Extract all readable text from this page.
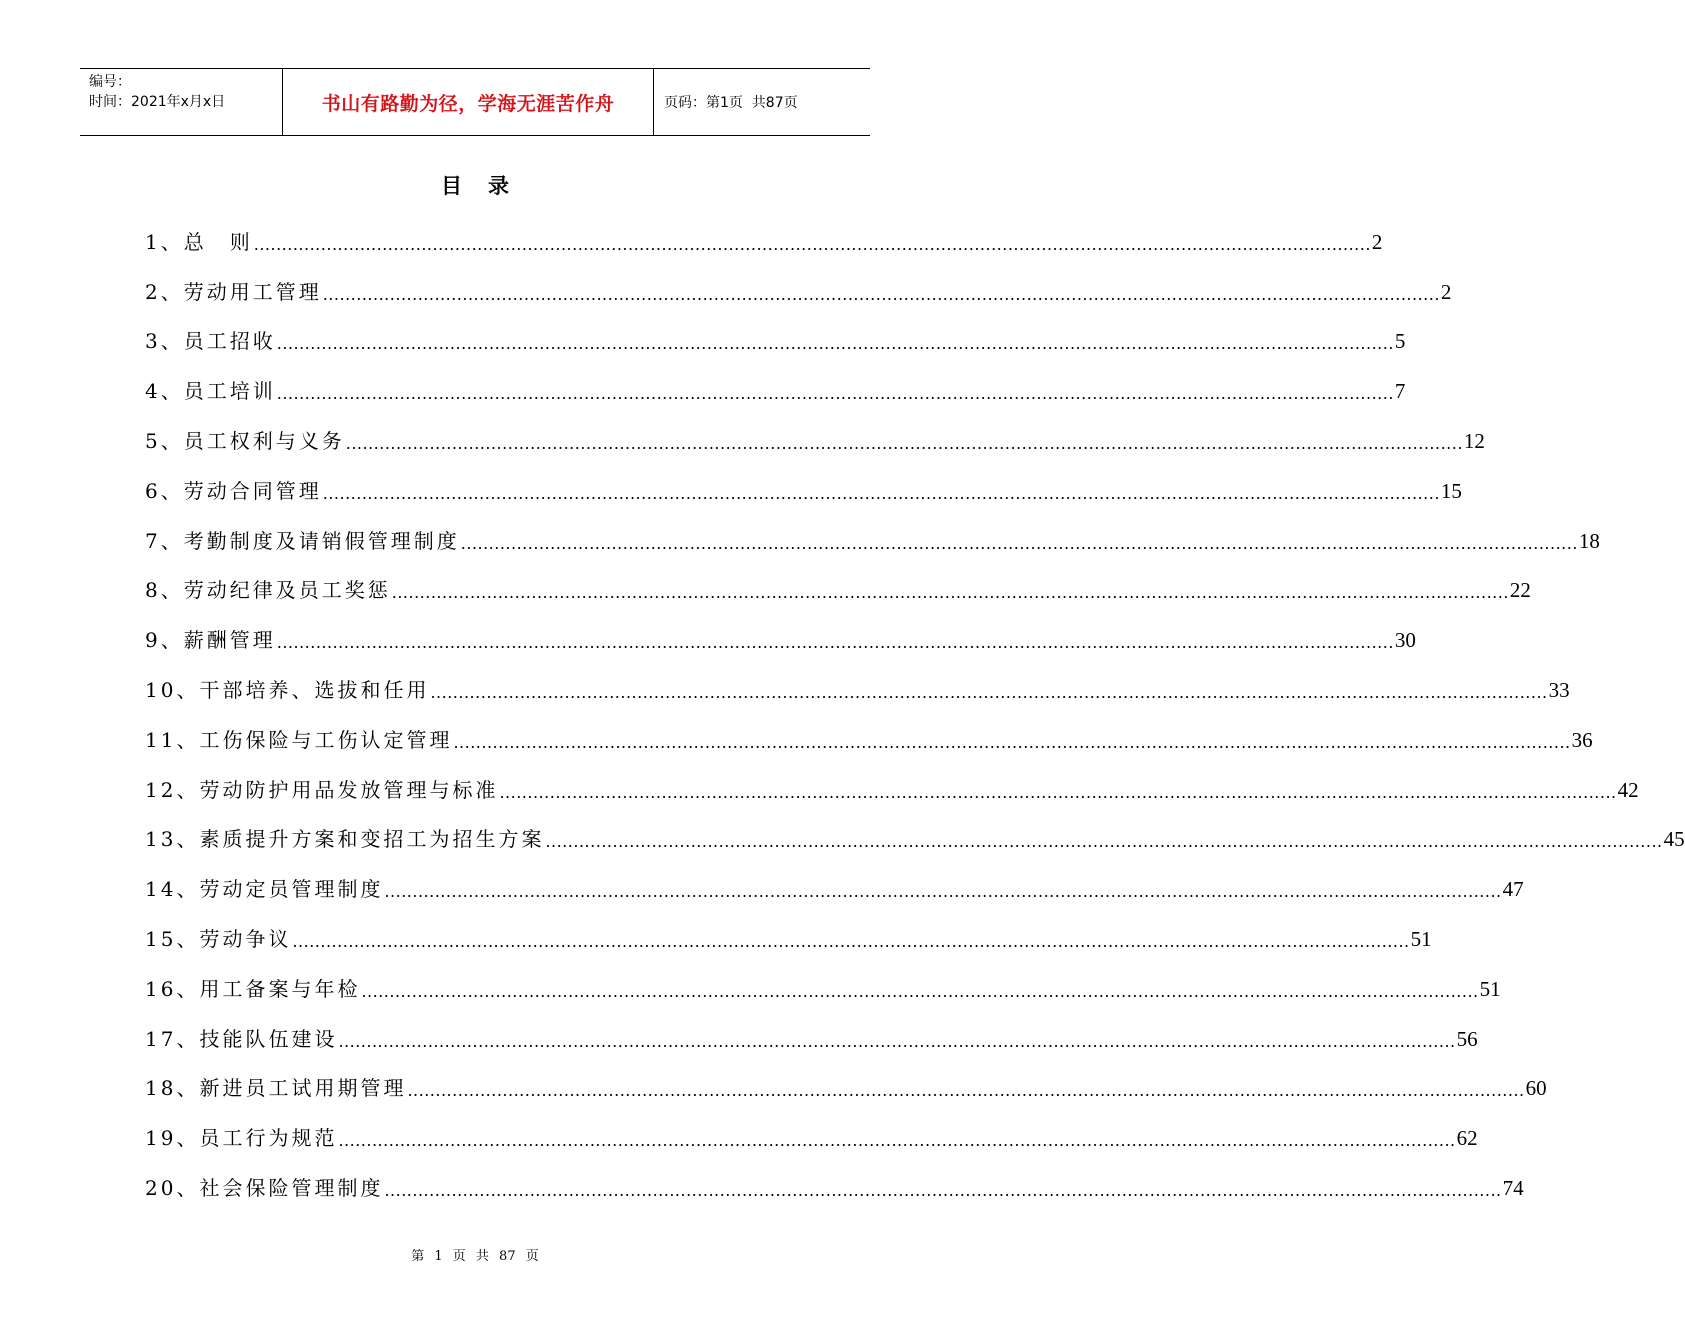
编号：
时间：2021年x月x日	书山有路勤为径，学海无涯苦作舟	页码：第1页  共87页
目录
1、总　则 ........................................................................................................................................................................................................ 2
2、劳动用工管理 ........................................................................................................................................................................................................ 2
3、员工招收 ........................................................................................................................................................................................................ 5
4、员工培训 ........................................................................................................................................................................................................ 7
5、员工权利与义务 ........................................................................................................................................................................................................ 12
6、劳动合同管理 ........................................................................................................................................................................................................ 15
7、考勤制度及请销假管理制度 ........................................................................................................................................................................................................ 18
8、劳动纪律及员工奖惩 ........................................................................................................................................................................................................ 22
9、薪酬管理 ........................................................................................................................................................................................................ 30
10、干部培养、选拔和任用 ........................................................................................................................................................................................................ 33
11、工伤保险与工伤认定管理 ........................................................................................................................................................................................................ 36
12、劳动防护用品发放管理与标准 ........................................................................................................................................................................................................ 42
13、素质提升方案和变招工为招生方案 ........................................................................................................................................................................................................ 45
14、劳动定员管理制度 ........................................................................................................................................................................................................ 47
15、劳动争议 ........................................................................................................................................................................................................ 51
16、用工备案与年检 ........................................................................................................................................................................................................ 51
17、技能队伍建设 ........................................................................................................................................................................................................ 56
18、新进员工试用期管理 ........................................................................................................................................................................................................ 60
19、员工行为规范 ........................................................................................................................................................................................................ 62
20、社会保险管理制度 ........................................................................................................................................................................................................ 74
第 1 页 共 87 页
